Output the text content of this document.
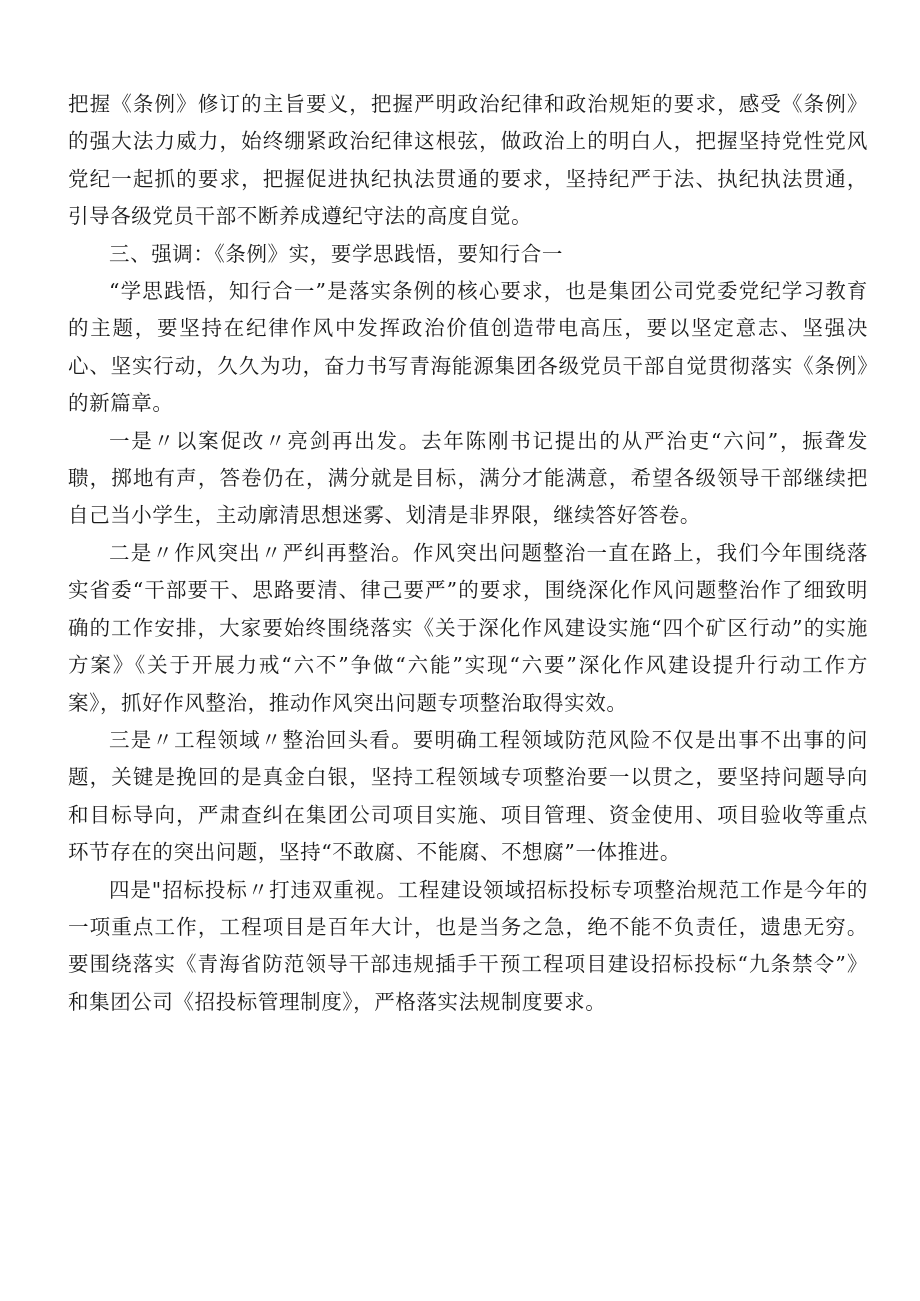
把握《条例》修订的主旨要义，把握严明政治纪律和政治规矩的要求，感受《条例》的强大法力威力，始终绷紧政治纪律这根弦，做政治上的明白人，把握坚持党性党风党纪一起抓的要求，把握促进执纪执法贯通的要求，坚持纪严于法、执纪执法贯通，引导各级党员干部不断养成遵纪守法的高度自觉。

三、强调：《条例》实，要学思践悟，要知行合一

“学思践悟，知行合一”是落实条例的核心要求，也是集团公司党委党纪学习教育的主题，要坚持在纪律作风中发挥政治价值创造带电高压，要以坚定意志、坚强决心、坚实行动，久久为功，奋力书写青海能源集团各级党员干部自觉贯彻落实《条例》的新篇章。

一是〃以案促改〃亮剑再出发。去年陈刚书记提出的从严治吏“六问”，振聋发聩，掷地有声，答卷仍在，满分就是目标，满分才能满意，希望各级领导干部继续把自己当小学生，主动廓清思想迷雾、划清是非界限，继续答好答卷。

二是〃作风突出〃严纠再整治。作风突出问题整治一直在路上，我们今年围绕落实省委“干部要干、思路要清、律己要严”的要求，围绕深化作风问题整治作了细致明确的工作安排，大家要始终围绕落实《关于深化作风建设实施“四个矿区行动”的实施方案》《关于开展力戒“六不”争做“六能”实现“六要”深化作风建设提升行动工作方案》，抓好作风整治，推动作风突出问题专项整治取得实效。

三是〃工程领域〃整治回头看。要明确工程领域防范风险不仅是出事不出事的问题，关键是挽回的是真金白银，坚持工程领域专项整治要一以贯之，要坚持问题导向和目标导向，严肃查纠在集团公司项目实施、项目管理、资金使用、项目验收等重点环节存在的突出问题，坚持“不敢腐、不能腐、不想腐”一体推进。

四是"招标投标〃打违双重视。工程建设领域招标投标专项整治规范工作是今年的一项重点工作，工程项目是百年大计，也是当务之急，绝不能不负责任，遗患无穷。要围绕落实《青海省防范领导干部违规插手干预工程项目建设招标投标“九条禁令”》和集团公司《招投标管理制度》，严格落实法规制度要求。
